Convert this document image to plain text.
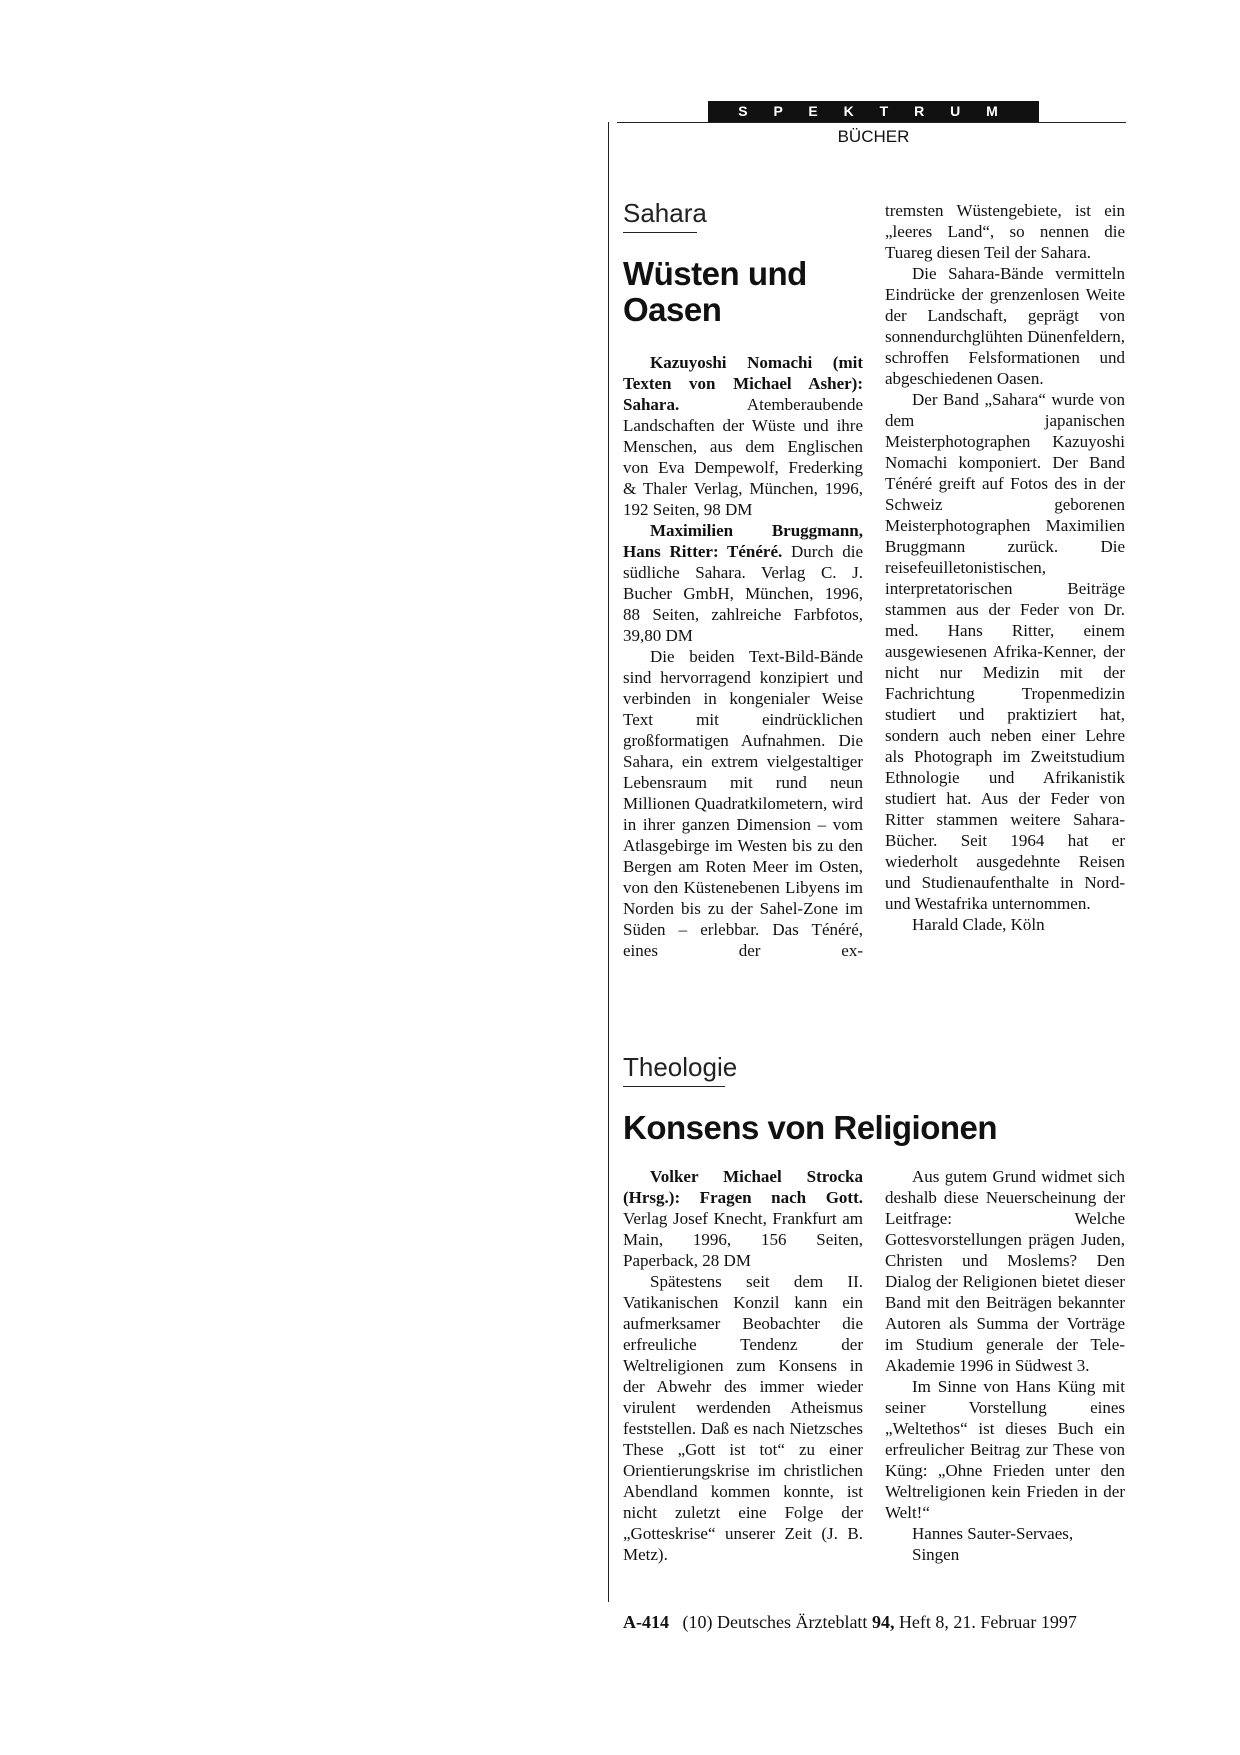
S P E K T R U M
BÜCHER
Sahara
Wüsten und Oasen

Kazuyoshi Nomachi (mit Texten von Michael Asher): Sahara.	Atemberaubende Landschaften der Wüste und ihre Menschen, aus dem Englischen von Eva Dempewolf, Frederking & Thaler Verlag, München, 1996, 192 Seiten, 98 DM

Maximilien Bruggmann, Hans Ritter: Ténéré. Durch die südliche Sahara. Verlag C. J. Bucher GmbH, München, 1996, 88 Seiten, zahlreiche Farbfotos, 39,80 DM

Die beiden Text-Bild-Bände sind hervorragend konzipiert und verbinden in kongenialer Weise Text mit eindrücklichen großformatigen Aufnahmen. Die Sahara, ein extrem vielgestaltiger Lebensraum mit rund neun Millionen Quadratkilometern, wird in ihrer ganzen Dimension – vom Atlasgebirge im Westen bis zu den Bergen am Roten Meer im Osten, von den Küstenebenen Libyens im Norden bis zu der Sahel-Zone im Süden – erlebbar. Das Ténéré, eines der ex-

tremsten Wüstengebiete, ist ein „leeres Land“, so nennen die Tuareg diesen Teil der Sahara.

Die Sahara-Bände vermitteln Eindrücke der grenzenlosen Weite der Landschaft, geprägt von sonnendurchglühten Dünenfeldern, schroffen Felsformationen und abgeschiedenen Oasen.

Der Band „Sahara“ wurde von dem japanischen Meisterphotographen Kazuyoshi Nomachi komponiert. Der Band Ténéré greift auf Fotos des in der Schweiz geborenen Meisterphotographen Maximilien Bruggmann zurück. Die reisefeuilletonistischen, interpretatorischen Beiträge stammen aus der Feder von Dr. med. Hans Ritter, einem ausgewiesenen Afrika-Kenner, der nicht nur Medizin mit der Fachrichtung Tropenmedizin studiert und praktiziert hat, sondern auch neben einer Lehre als Photograph im Zweitstudium Ethnologie und Afrikanistik studiert hat. Aus der Feder von Ritter stammen weitere Sahara-Bücher. Seit 1964 hat er wiederholt ausgedehnte Reisen und Studienaufenthalte in Nord- und Westafrika unternommen.

Harald Clade, Köln

Theologie
Konsens von Religionen

Volker Michael Strocka (Hrsg.): Fragen nach Gott. Verlag Josef Knecht, Frankfurt am Main, 1996, 156 Seiten, Paperback, 28 DM

Spätestens seit dem II. Vatikanischen Konzil kann ein aufmerksamer Beobachter die erfreuliche Tendenz der Weltreligionen zum Konsens in der Abwehr des immer wieder virulent werdenden Atheismus feststellen. Daß es nach Nietzsches These „Gott ist tot“ zu einer Orientierungskrise im christlichen Abendland kommen konnte, ist nicht zuletzt eine Folge der „Gotteskrise“ unserer Zeit (J. B. Metz).

Aus gutem Grund widmet sich deshalb diese Neuerscheinung der Leitfrage: Welche Gottesvorstellungen prägen Juden, Christen und Moslems? Den Dialog der Religionen bietet dieser Band mit den Beiträgen bekannter Autoren als Summa der Vorträge im Studium generale der Tele-Akademie 1996 in Südwest 3.

Im Sinne von Hans Küng mit seiner Vorstellung eines „Weltethos“ ist dieses Buch ein erfreulicher Beitrag zur These von Küng: „Ohne Frieden unter den Weltreligionen kein Frieden in der Welt!“

Hannes Sauter-Servaes,

Singen

A-414 (10) Deutsches Ärzteblatt 94, Heft 8, 21. Februar 1997
